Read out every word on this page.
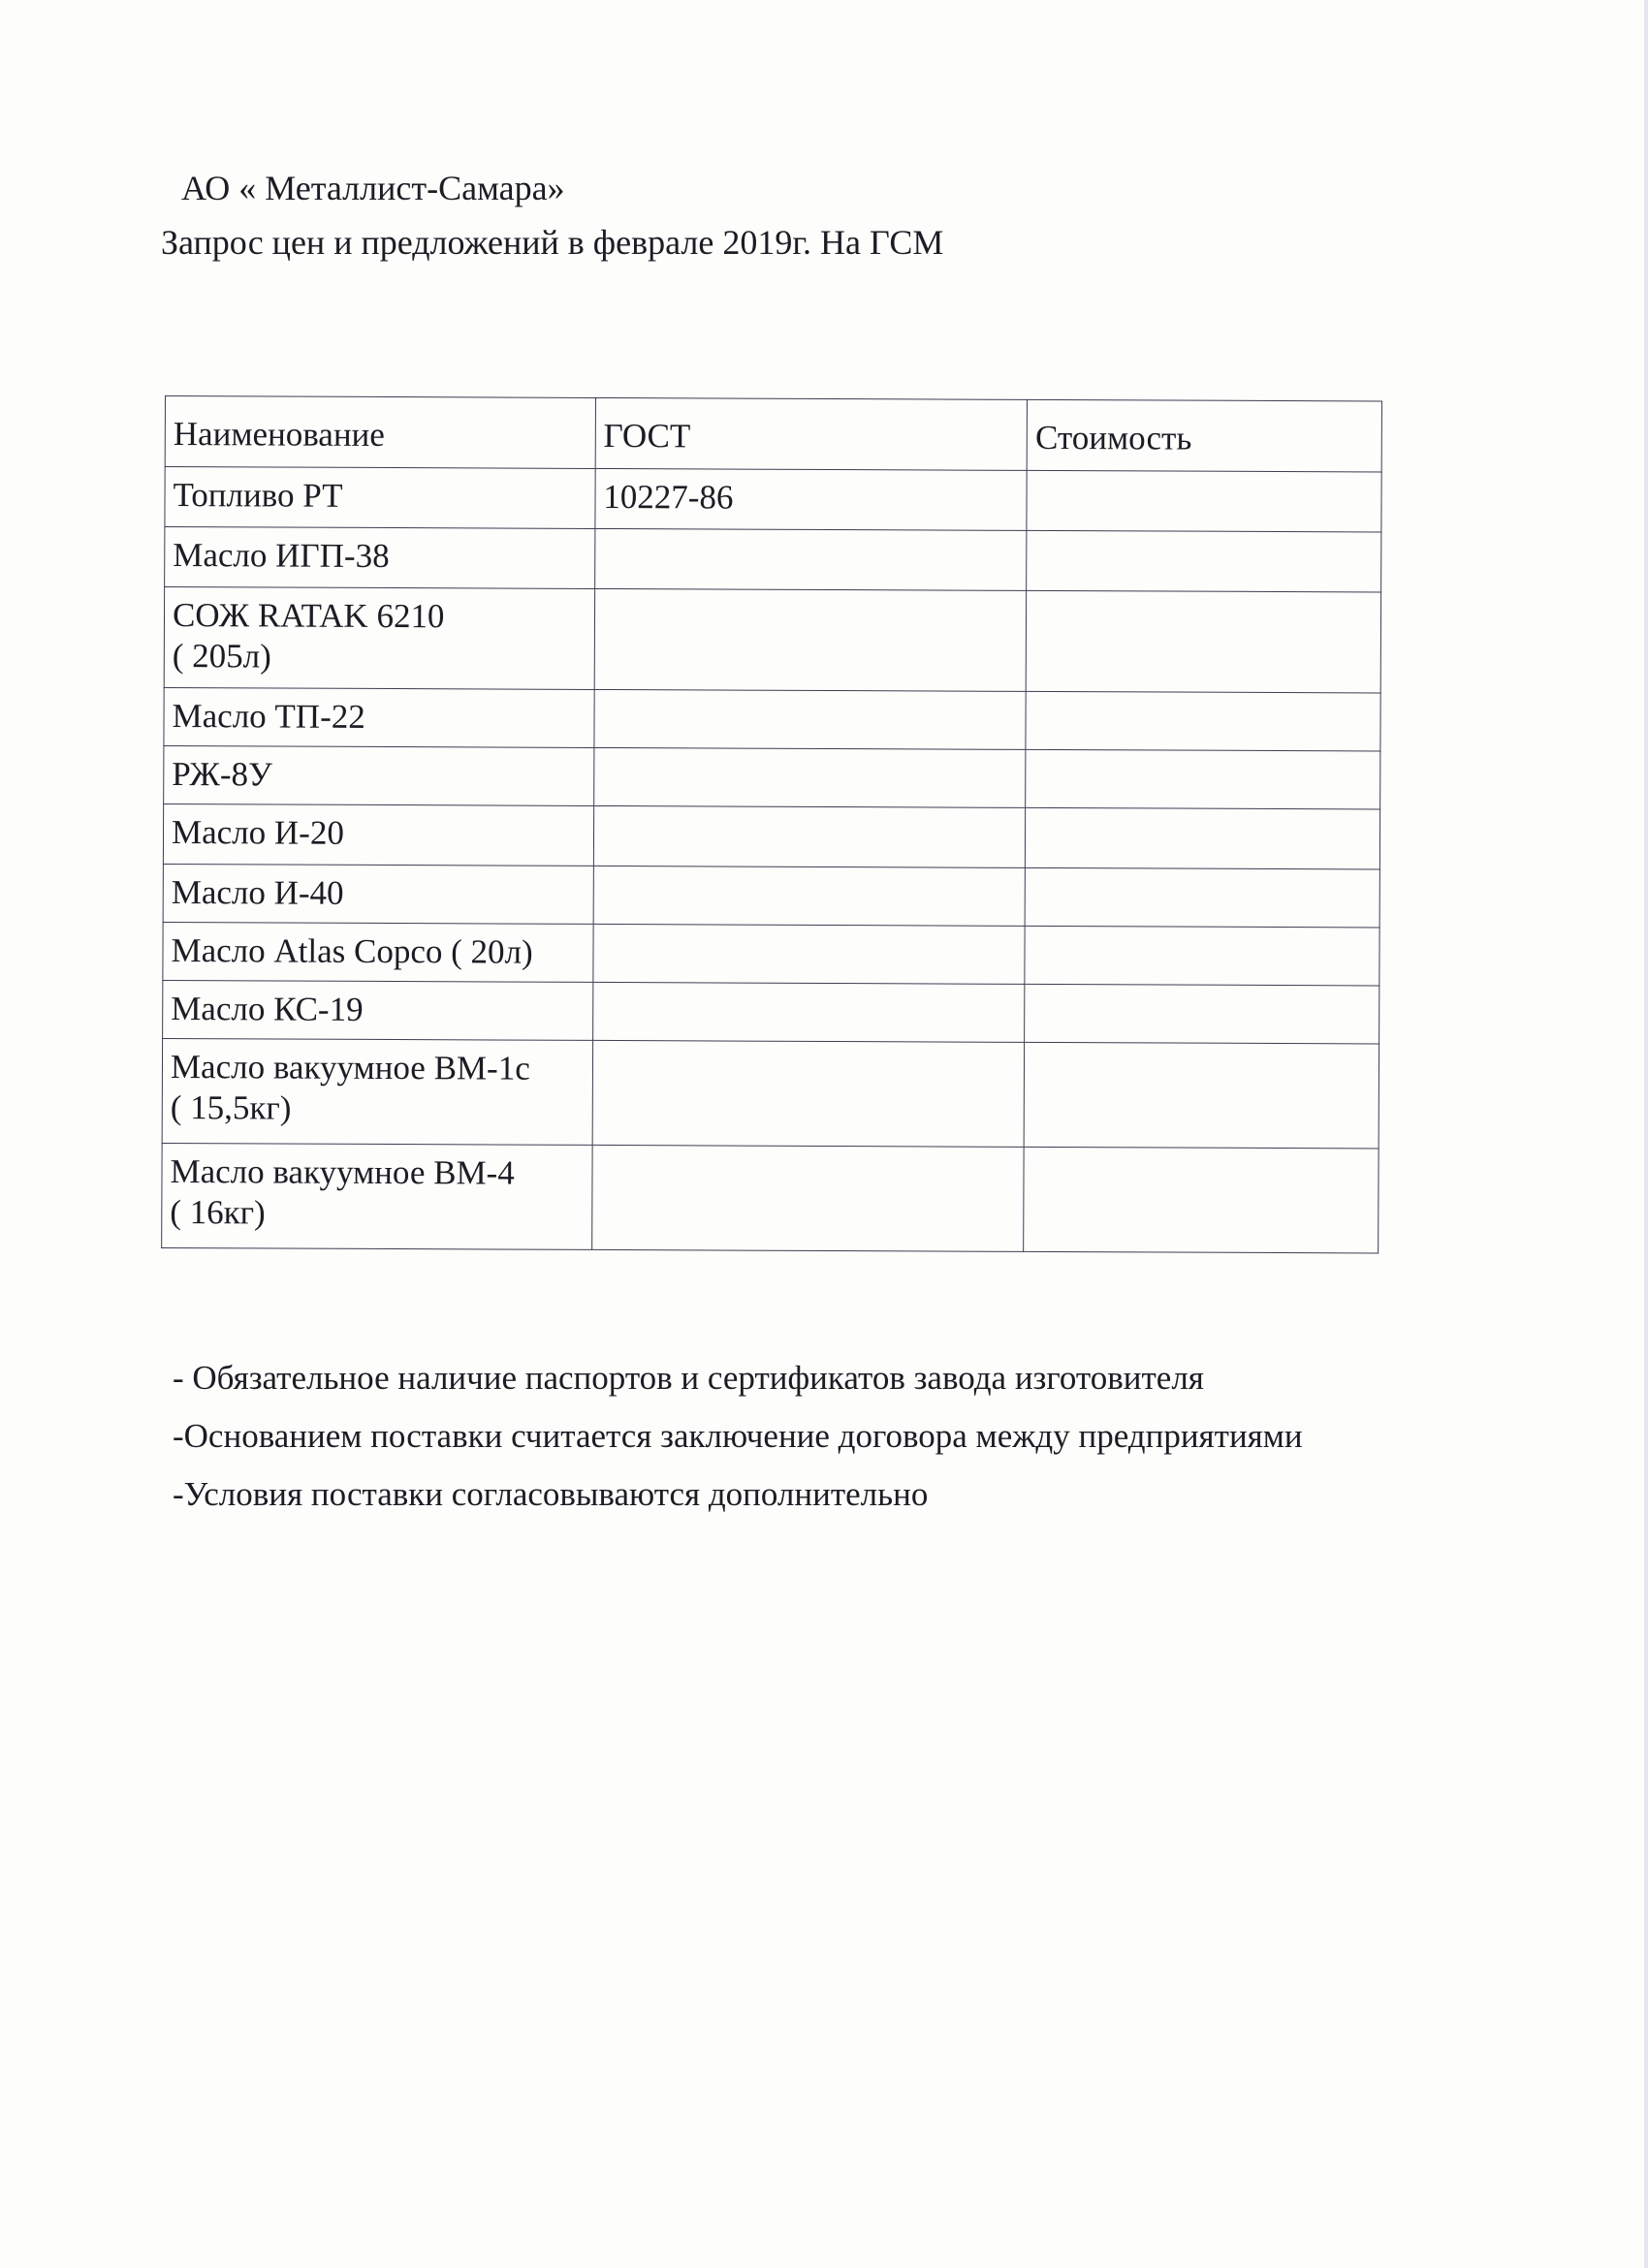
АО « Металлист-Самара»
Запрос цен и предложений в феврале 2019г. На ГСМ
Наименование	ГОСТ	Стоимость
Топливо РТ	10227-86	
Масло ИГП-38		
СОЖ RATAK 6210
( 205л)		
Масло ТП-22		
РЖ-8У		
Масло И-20		
Масло И-40		
Масло Atlas Copco ( 20л)		
Масло КС-19		
Масло вакуумное ВМ-1с
( 15,5кг)		
Масло вакуумное ВМ-4
( 16кг)		
- Обязательное наличие паспортов и сертификатов завода изготовителя
-Основанием поставки считается заключение договора между предприятиями
-Условия поставки согласовываются дополнительно
